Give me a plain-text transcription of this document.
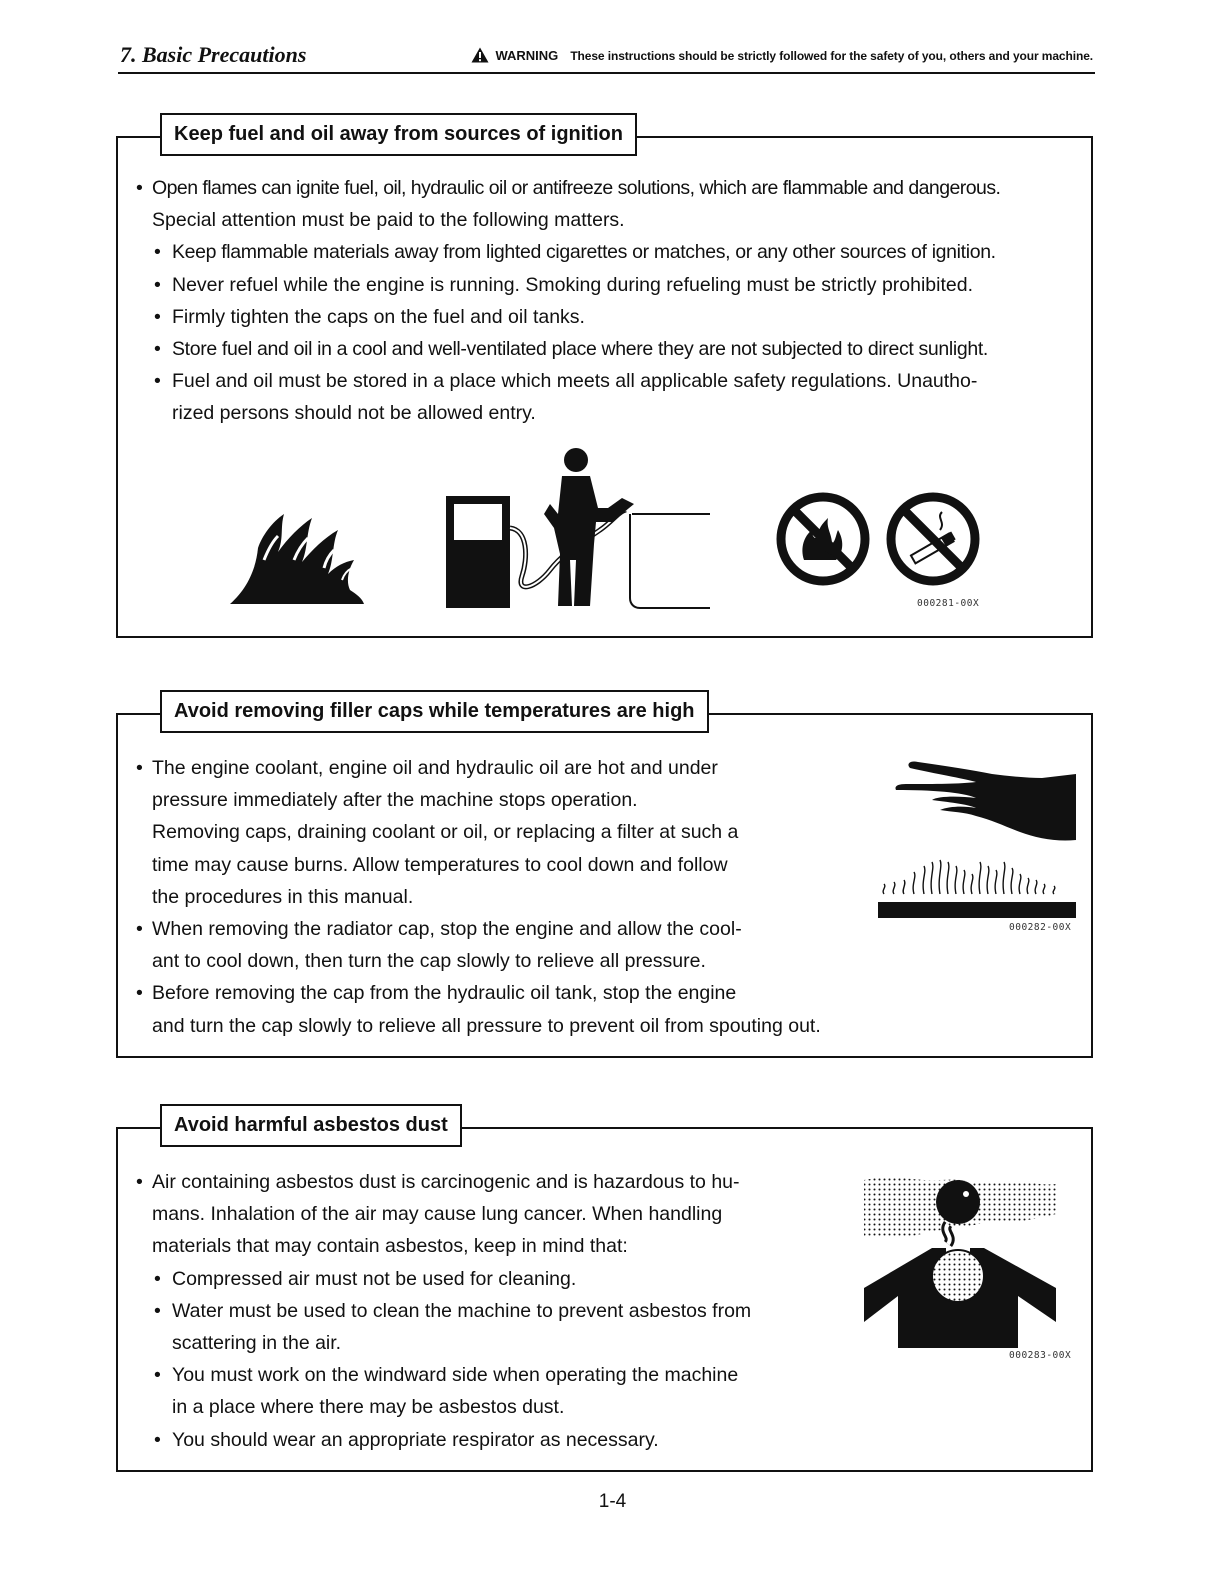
7. Basic Precautions	WARNING These instructions should be strictly followed for the safety of you, others and your machine.
Keep fuel and oil away from sources of ignition

• Open flames can ignite fuel, oil, hydraulic oil or antifreeze solutions, which are flammable and dangerous.

Special attention must be paid to the following matters.

• Keep flammable materials away from lighted cigarettes or matches, or any other sources of ignition.

• Never refuel while the engine is running. Smoking during refueling must be strictly prohibited.

• Firmly tighten the caps on the fuel and oil tanks.

• Store fuel and oil in a cool and well-ventilated place where they are not subjected to direct sunlight.

• Fuel and oil must be stored in a place which meets all applicable safety regulations. Unautho-

rized persons should not be allowed entry.

000281-00X
Avoid removing filler caps while temperatures are high

• The engine coolant, engine oil and hydraulic oil are hot and under

pressure immediately after the machine stops operation.

Removing caps, draining coolant or oil, or replacing a filter at such a

time may cause burns. Allow temperatures to cool down and follow

the procedures in this manual.

• When removing the radiator cap, stop the engine and allow the cool-

ant to cool down, then turn the cap slowly to relieve all pressure.

• Before removing the cap from the hydraulic oil tank, stop the engine

and turn the cap slowly to relieve all pressure to prevent oil from spouting out.

000282-00X
Avoid harmful asbestos dust

• Air containing asbestos dust is carcinogenic and is hazardous to hu-

mans. Inhalation of the air may cause lung cancer. When handling

materials that may contain asbestos, keep in mind that:

• Compressed air must not be used for cleaning.

• Water must be used to clean the machine to prevent asbestos from

scattering in the air.

• You must work on the windward side when operating the machine

in a place where there may be asbestos dust.

• You should wear an appropriate respirator as necessary.

000283-00X
1-4
